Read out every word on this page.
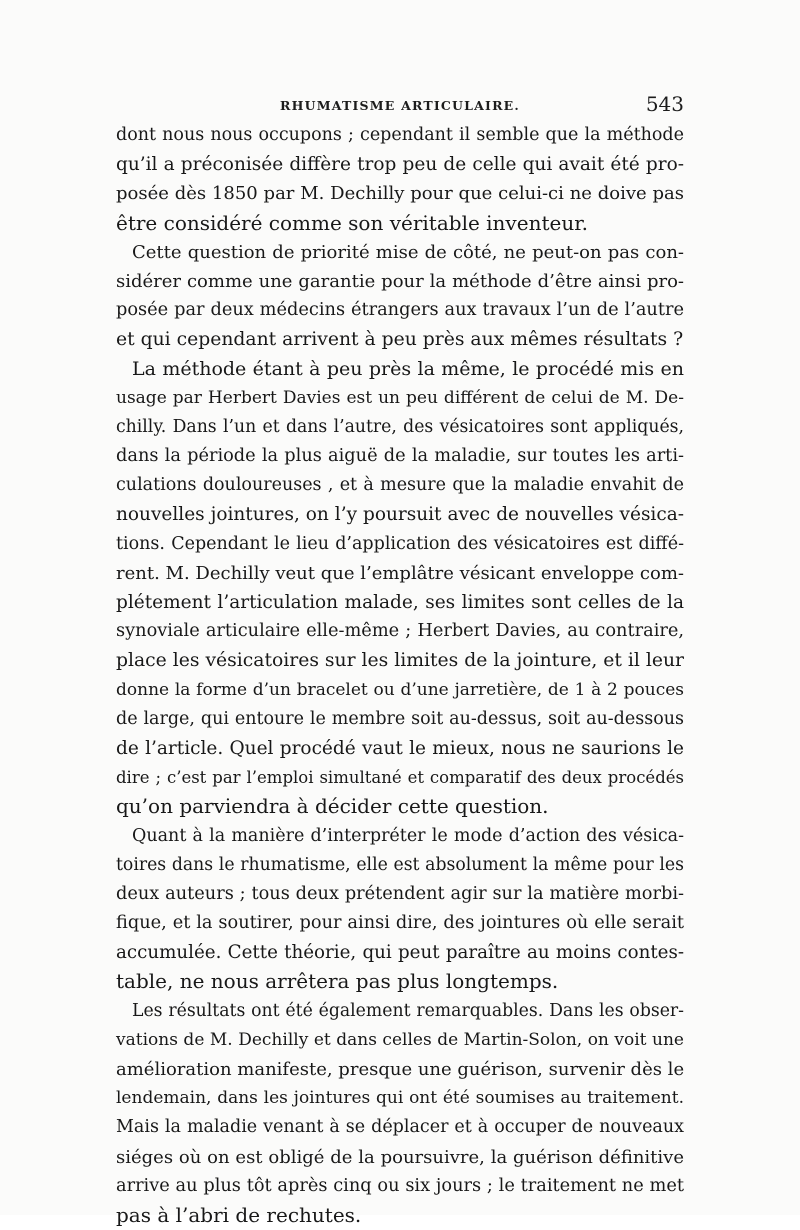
RHUMATISME ARTICULAIRE.	543
dont nous nous occupons ; cependant il semble que la méthode
qu’il a préconisée diffère trop peu de celle qui avait été pro-
posée dès 1850 par M. Dechilly pour que celui-ci ne doive pas
être considéré comme son véritable inventeur.
Cette question de priorité mise de côté, ne peut-on pas con-
sidérer comme une garantie pour la méthode d’être ainsi pro-
posée par deux médecins étrangers aux travaux l’un de l’autre
et qui cependant arrivent à peu près aux mêmes résultats ?
La méthode étant à peu près la même, le procédé mis en
usage par Herbert Davies est un peu différent de celui de M. De-
chilly. Dans l’un et dans l’autre, des vésicatoires sont appliqués,
dans la période la plus aiguë de la maladie, sur toutes les arti-
culations douloureuses , et à mesure que la maladie envahit de
nouvelles jointures, on l’y poursuit avec de nouvelles vésica-
tions. Cependant le lieu d’application des vésicatoires est diffé-
rent. M. Dechilly veut que l’emplâtre vésicant enveloppe com-
plétement l’articulation malade, ses limites sont celles de la
synoviale articulaire elle-même ; Herbert Davies, au contraire,
place les vésicatoires sur les limites de la jointure, et il leur
donne la forme d’un bracelet ou d’une jarretière, de 1 à 2 pouces
de large, qui entoure le membre soit au-dessus, soit au-dessous
de l’article. Quel procédé vaut le mieux, nous ne saurions le
dire ; c’est par l’emploi simultané et comparatif des deux procédés
qu’on parviendra à décider cette question.
Quant à la manière d’interpréter le mode d’action des vésica-
toires dans le rhumatisme, elle est absolument la même pour les
deux auteurs ; tous deux prétendent agir sur la matière morbi-
fique, et la soutirer, pour ainsi dire, des jointures où elle serait
accumulée. Cette théorie, qui peut paraître au moins contes-
table, ne nous arrêtera pas plus longtemps.
Les résultats ont été également remarquables. Dans les obser-
vations de M. Dechilly et dans celles de Martin-Solon, on voit une
amélioration manifeste, presque une guérison, survenir dès le
lendemain, dans les jointures qui ont été soumises au traitement.
Mais la maladie venant à se déplacer et à occuper de nouveaux
siéges où on est obligé de la poursuivre, la guérison définitive
arrive au plus tôt après cinq ou six jours ; le traitement ne met
pas à l’abri de rechutes.
